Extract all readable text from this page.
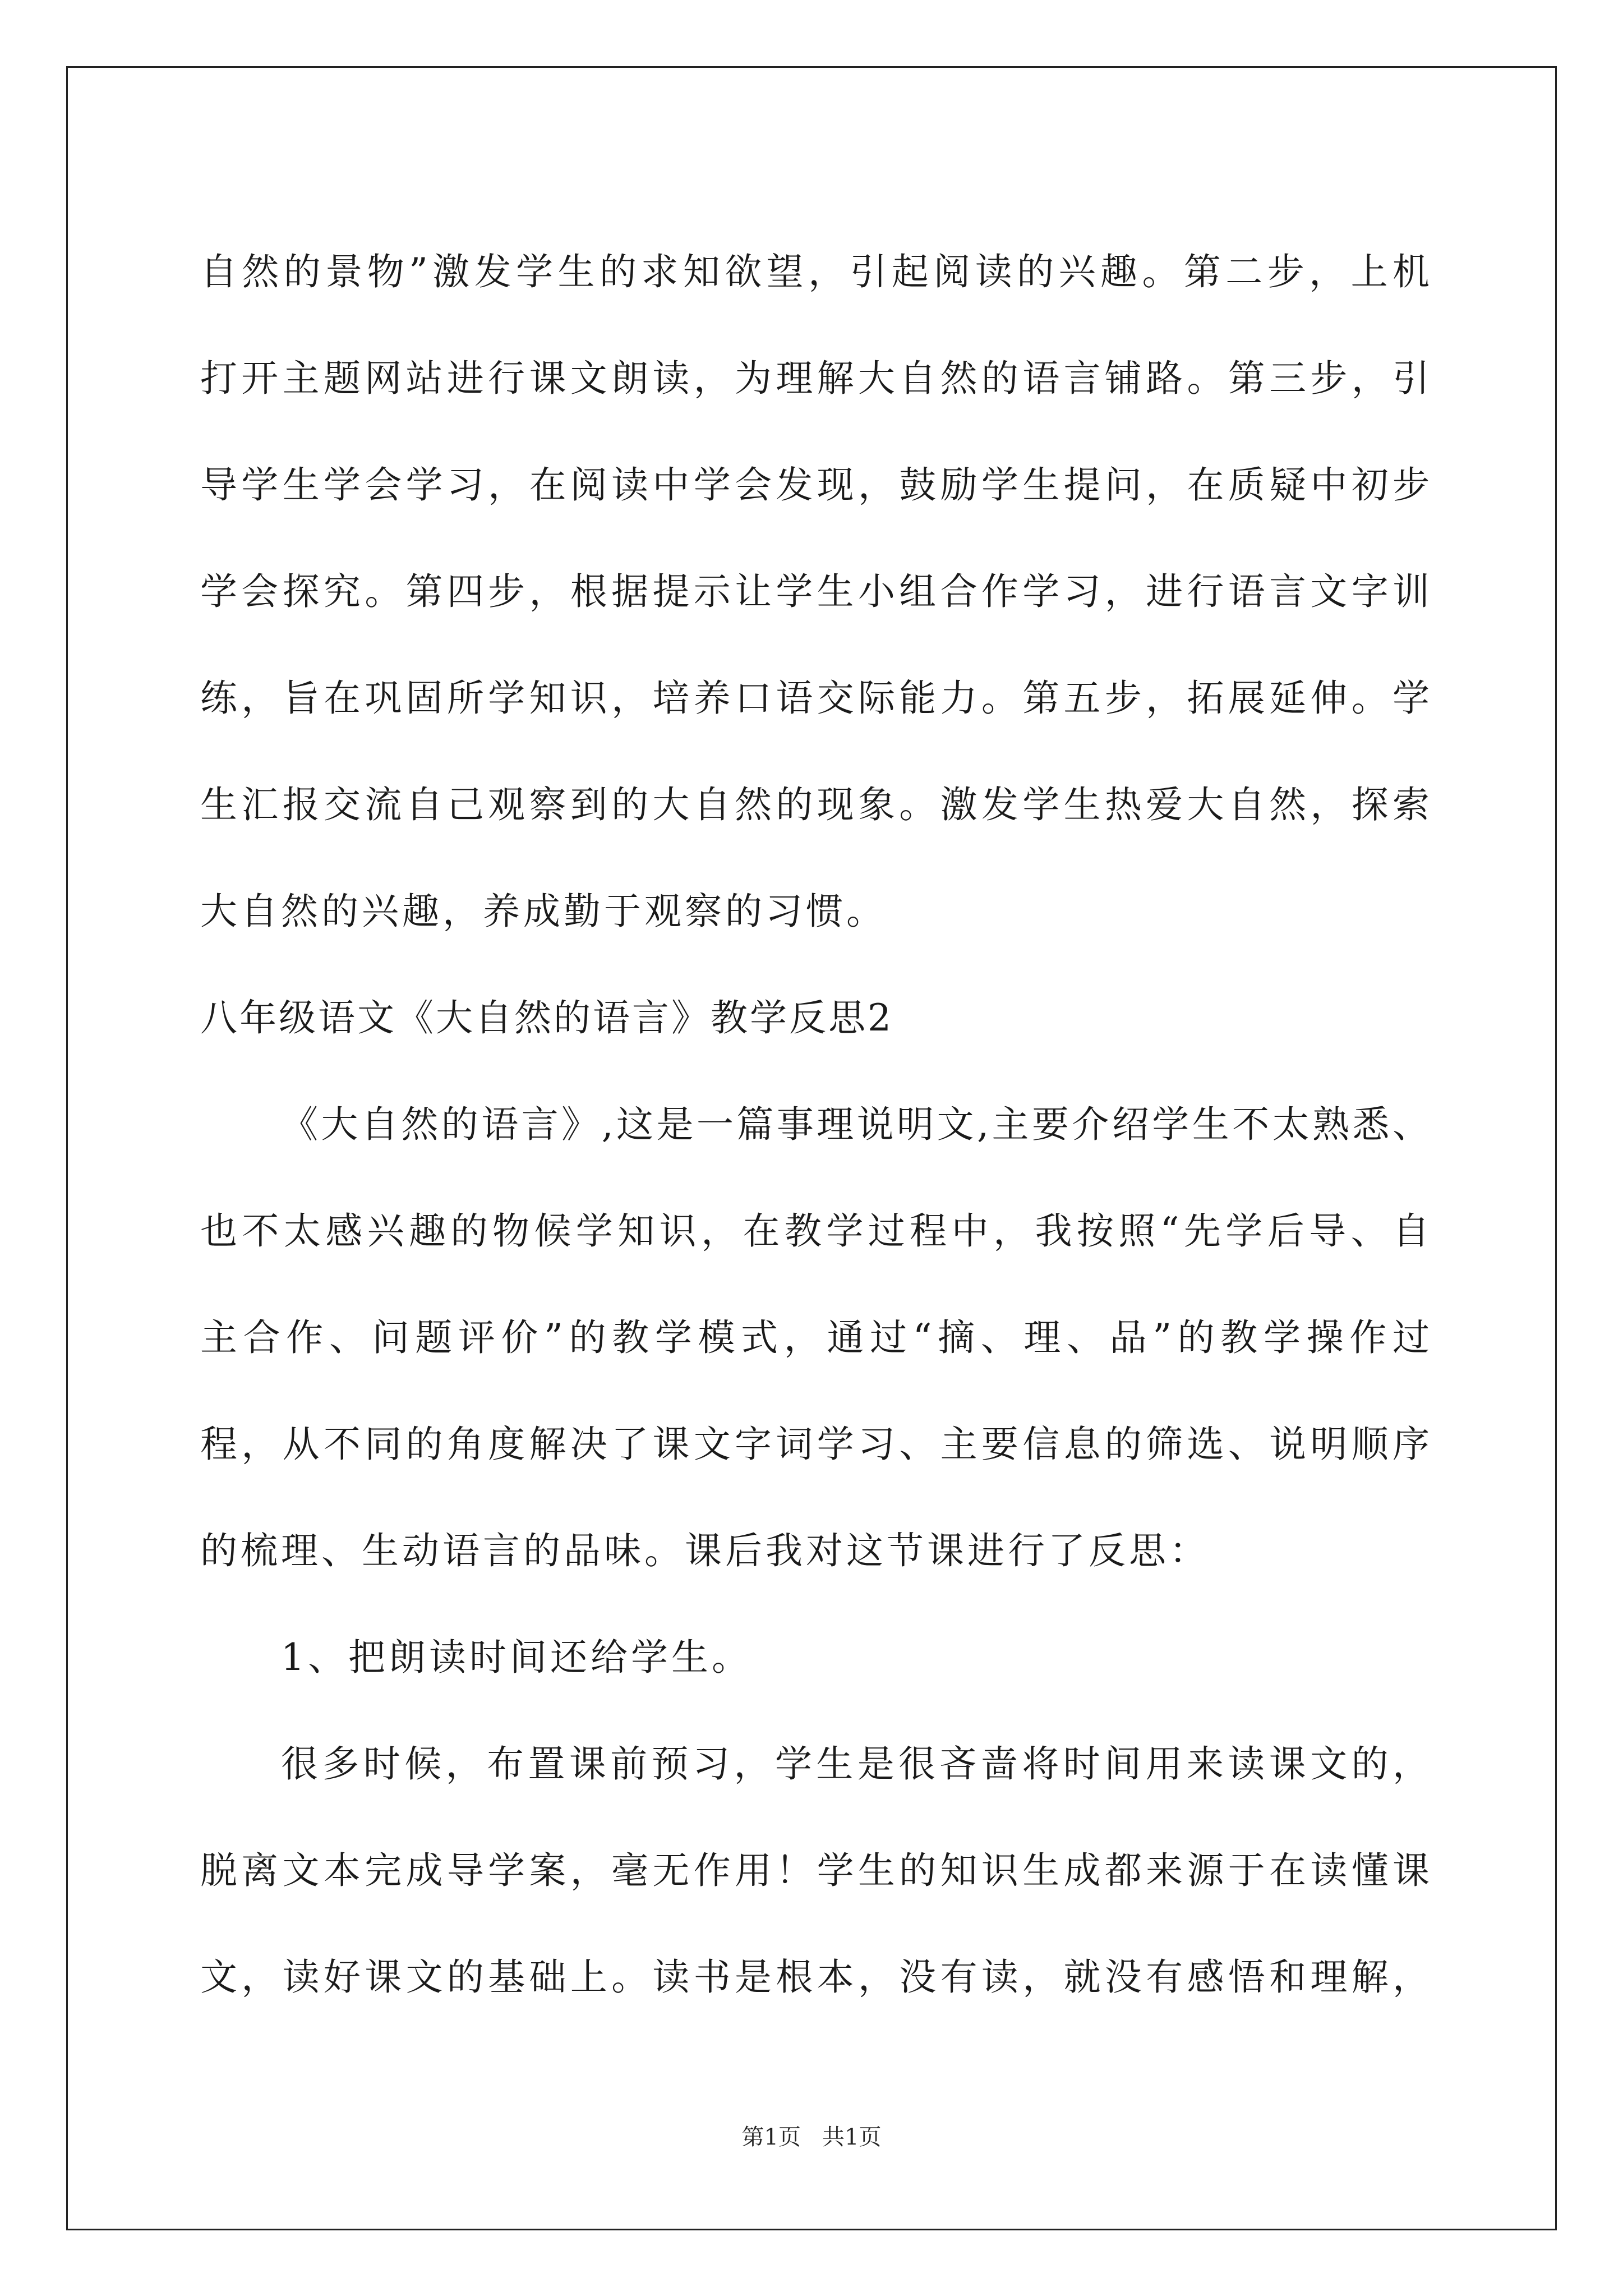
自然的景物”激发学生的求知欲望，引起阅读的兴趣。第二步，上机
打开主题网站进行课文朗读，为理解大自然的语言铺路。第三步，引
导学生学会学习，在阅读中学会发现，鼓励学生提问，在质疑中初步
学会探究。第四步，根据提示让学生小组合作学习，进行语言文字训
练，旨在巩固所学知识，培养口语交际能力。第五步，拓展延伸。学
生汇报交流自己观察到的大自然的现象。激发学生热爱大自然，探索
大自然的兴趣，养成勤于观察的习惯。
八年级语文《大自然的语言》教学反思2
《大自然的语言》,这是一篇事理说明文,主要介绍学生不太熟悉、
也不太感兴趣的物候学知识，在教学过程中，我按照“先学后导、自
主合作、问题评价”的教学模式，通过“摘、理、品”的教学操作过
程，从不同的角度解决了课文字词学习、主要信息的筛选、说明顺序
的梳理、生动语言的品味。课后我对这节课进行了反思：
1、把朗读时间还给学生。
很多时候，布置课前预习，学生是很吝啬将时间用来读课文的，
脱离文本完成导学案，毫无作用！学生的知识生成都来源于在读懂课
文，读好课文的基础上。读书是根本，没有读，就没有感悟和理解，
第1页 共1页
